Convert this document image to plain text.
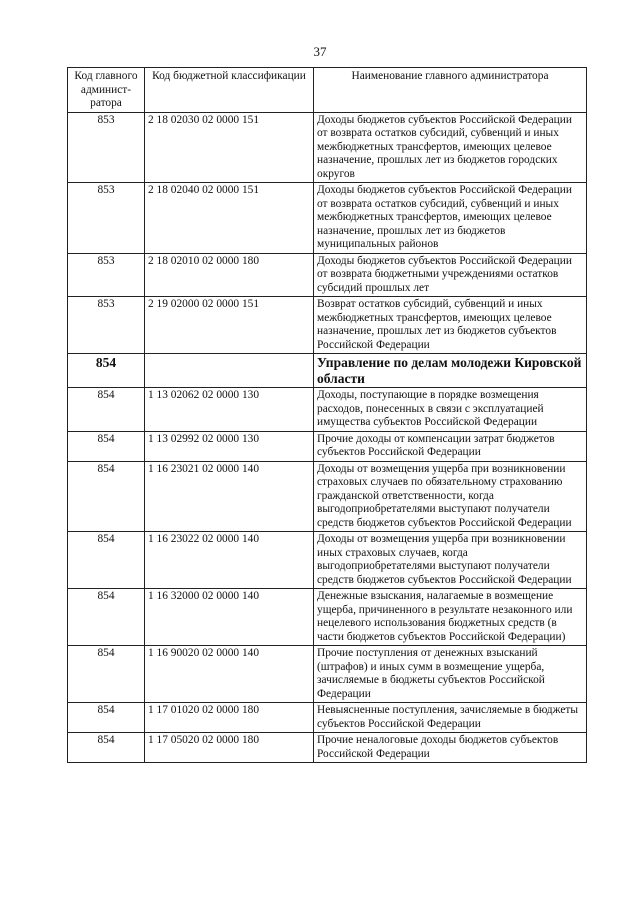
37
Код главного админист-ратора	Код бюджетной классификации	Наименование главного администратора
853	2 18 02030 02 0000 151	Доходы бюджетов субъектов Российской Федерации от возврата остатков субсидий, субвенций и иных межбюджетных трансфертов, имеющих целевое назначение, прошлых лет из бюджетов городских округов
853	2 18 02040 02 0000 151	Доходы бюджетов субъектов Российской Федерации от возврата остатков субсидий, субвенций и иных межбюджетных трансфертов, имеющих целевое назначение, прошлых лет из бюджетов муниципальных районов
853	2 18 02010 02 0000 180	Доходы бюджетов субъектов Российской Федерации от возврата бюджетными учреждениями остатков субсидий прошлых лет
853	2 19 02000 02 0000 151	Возврат остатков субсидий, субвенций и иных межбюджетных трансфертов, имеющих целевое назначение, прошлых лет из бюджетов субъектов Российской Федерации
854		Управление по делам молодежи Кировской области
854	1 13 02062 02 0000 130	Доходы, поступающие в порядке возмещения расходов, понесенных в связи с эксплуатацией имущества субъектов Российской Федерации
854	1 13 02992 02 0000 130	Прочие доходы от компенсации затрат бюджетов субъектов Российской Федерации
854	1 16 23021 02 0000 140	Доходы от возмещения ущерба при возникновении страховых случаев по обязательному страхованию гражданской ответственности, когда выгодоприобретателями выступают получатели средств бюджетов субъектов Российской Федерации
854	1 16 23022 02 0000 140	Доходы от возмещения ущерба при возникновении иных страховых случаев, когда выгодоприобретателями выступают получатели средств бюджетов субъектов Российской Федерации
854	1 16 32000 02 0000 140	Денежные взыскания, налагаемые в возмещение ущерба, причиненного в результате незаконного или нецелевого использования бюджетных средств (в части бюджетов субъектов Российской Федерации)
854	1 16 90020 02 0000 140	Прочие поступления от денежных взысканий (штрафов) и иных сумм в возмещение ущерба, зачисляемые в бюджеты субъектов Российской Федерации
854	1 17 01020 02 0000 180	Невыясненные поступления, зачисляемые в бюджеты субъектов Российской Федерации
854	1 17 05020 02 0000 180	Прочие неналоговые доходы бюджетов субъектов Российской Федерации
